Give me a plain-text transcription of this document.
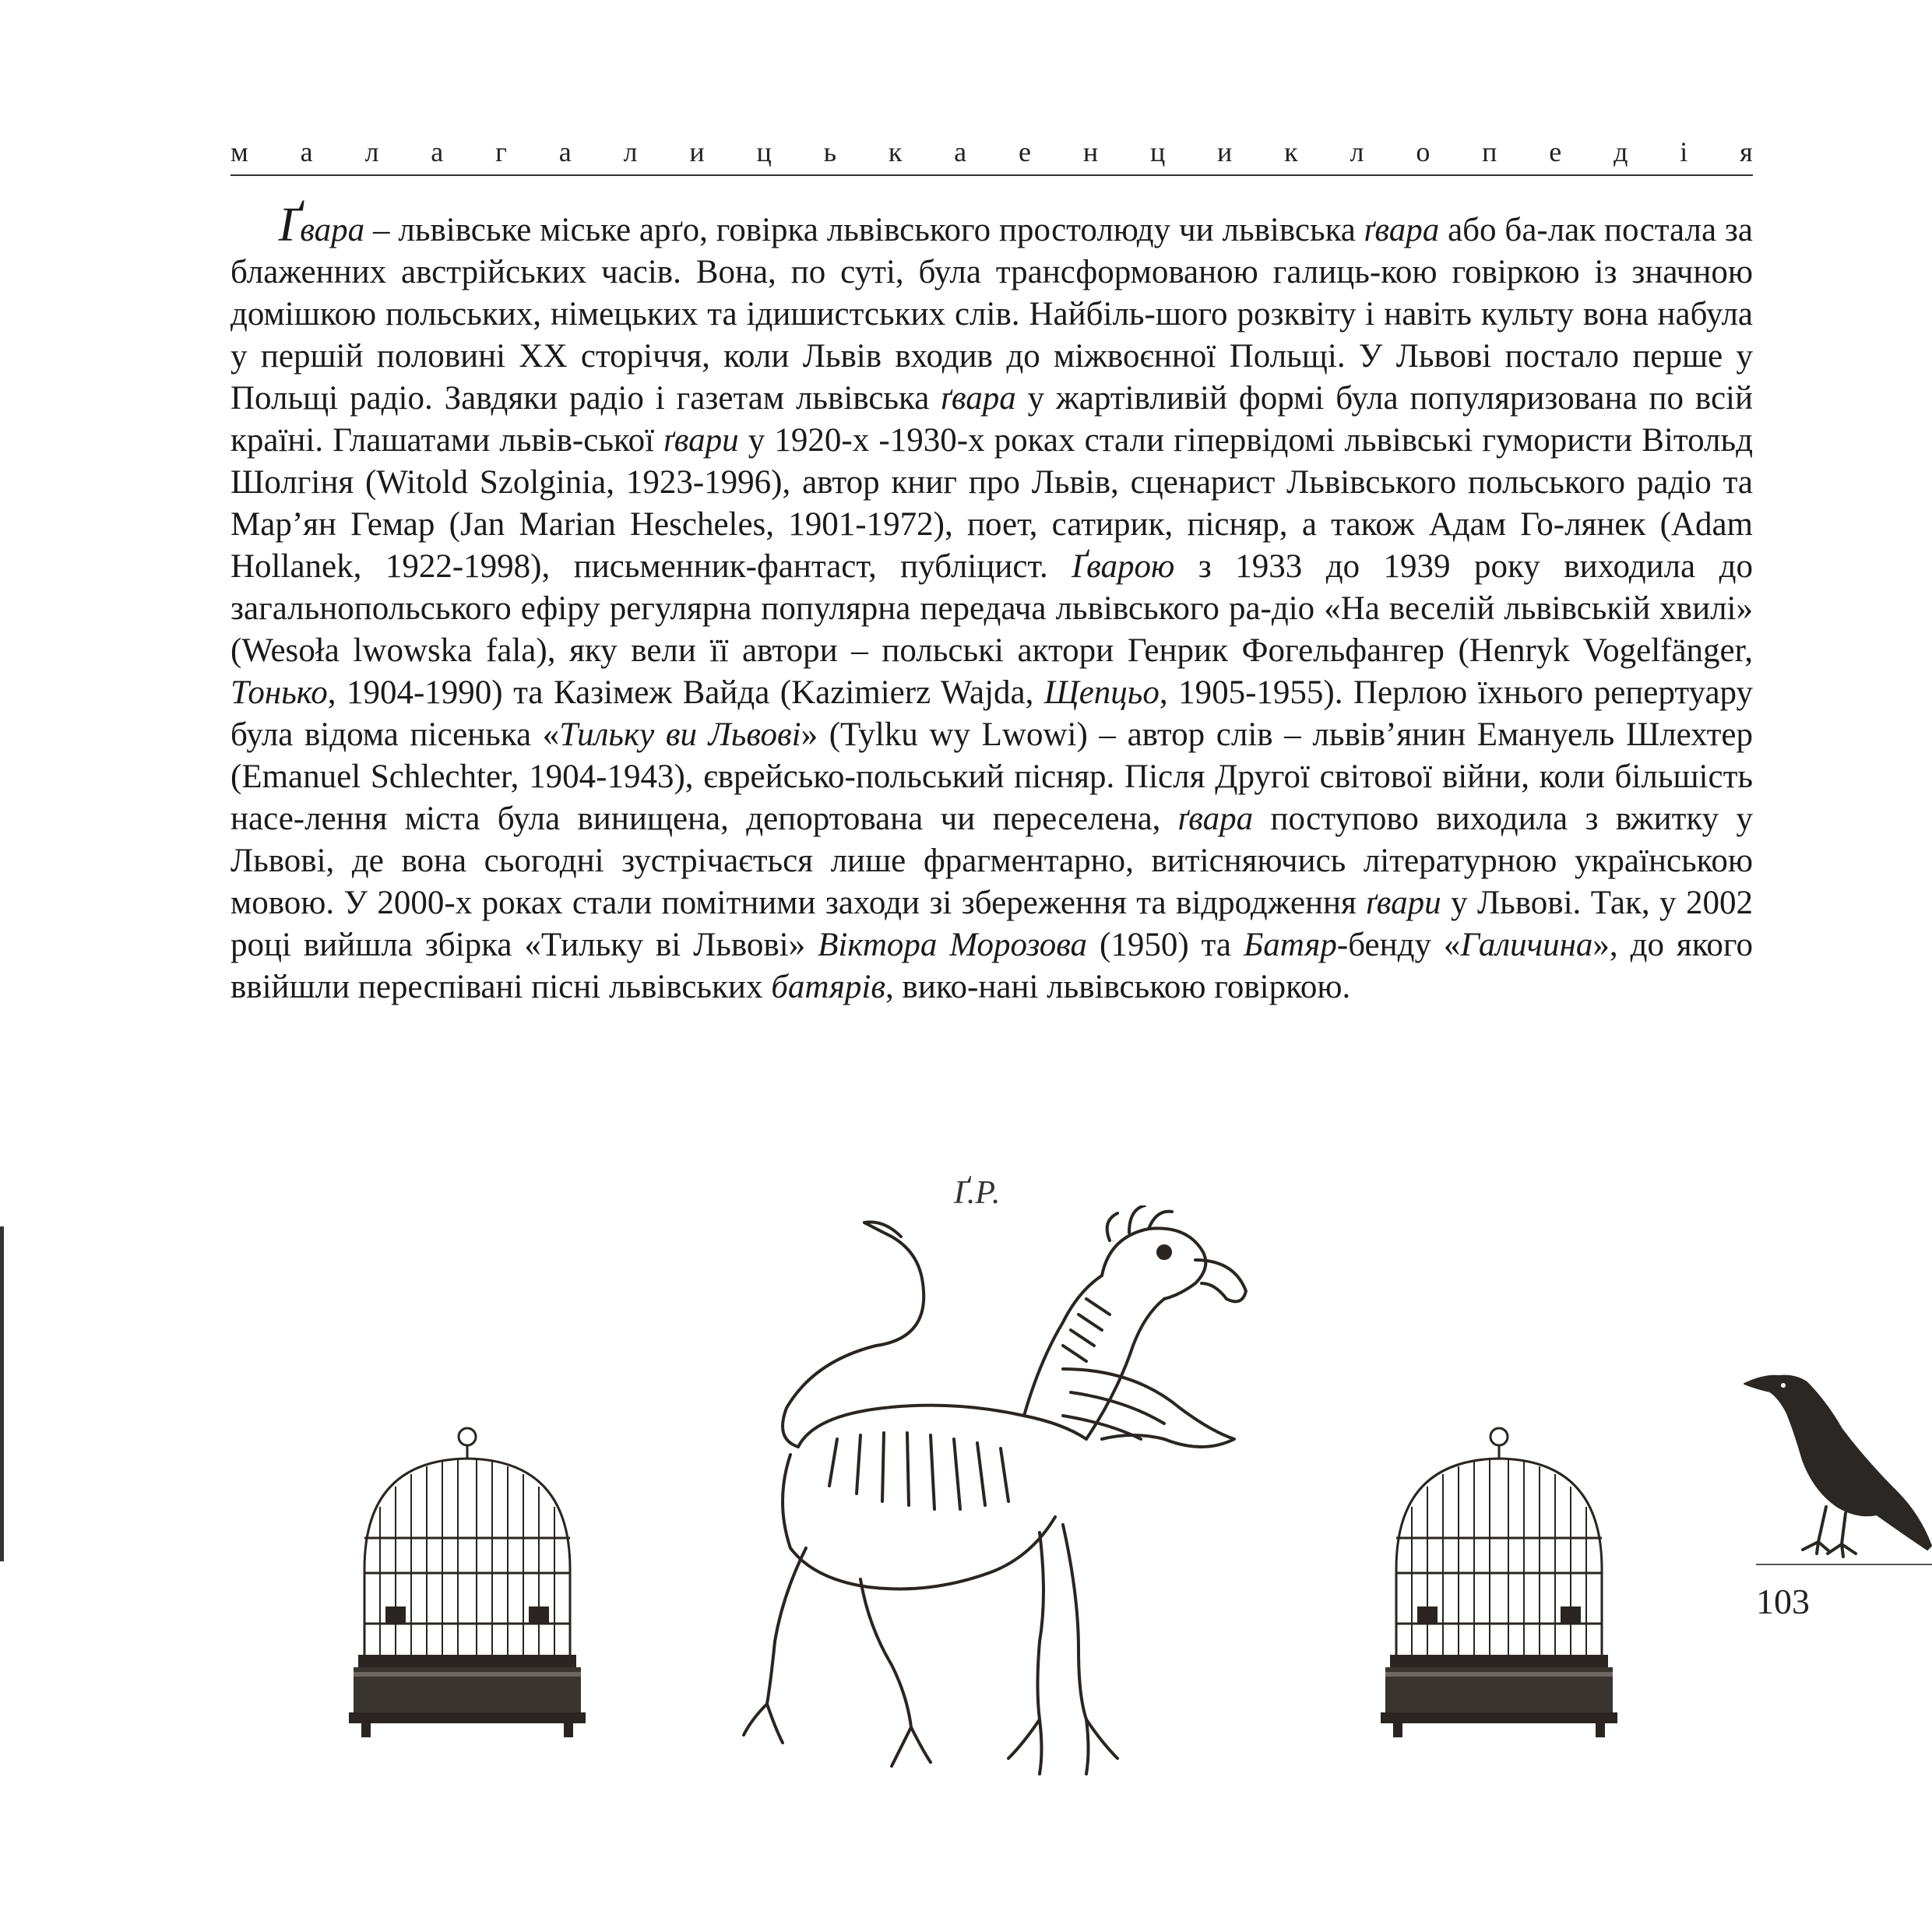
м а л а г а л и ц ь к а е н ц и к л о п е д і я

Ґвара – львівське міське арґо, говірка львівського простолюду чи львівська ґвара або ба-лак постала за блаженних австрійських часів. Вона, по суті, була трансформованою галиць-кою говіркою із значною домішкою польських, німецьких та ідишистських слів. Найбіль-шого розквіту і навіть культу вона набула у першій половині XX сторіччя, коли Львів входив до міжвоєнної Польщі. У Львові постало перше у Польщі радіо. Завдяки радіо і газетам львівська ґвара у жартівливій формі була популяризована по всій країні. Глашатами львів-ської ґвари у 1920-х -1930-х роках стали гіпервідомі львівські гумористи Вітольд Шолгіня (Witold Szolginia, 1923-1996), автор книг про Львів, сценарист Львівського польського радіо та Мар’ян Гемар (Jan Marian Hescheles, 1901-1972), поет, сатирик, пісняр, а також Адам Го-лянек (Adam Hollanek, 1922-1998), письменник-фантаст, публіцист. Ґварою з 1933 до 1939 року виходила до загальнопольського ефіру регулярна популярна передача львівського ра-діо «На веселій львівській хвилі» (Wesoła lwowska fala), яку вели її автори – польські актори Генрик Фогельфангер (Henryk Vogelfänger, Тонько, 1904-1990) та Казімеж Вайда (Kazimierz Wajda, Щепцьо, 1905-1955). Перлою їхнього репертуару була відома пісенька «Тильку ви Львові» (Tylku wy Lwowi) – автор слів – львів’янин Емануель Шлехтер (Emanuel Schlechter, 1904-1943), єврейсько-польський пісняр. Після Другої світової війни, коли більшість насе-лення міста була винищена, депортована чи переселена, ґвара поступово виходила з вжитку у Львові, де вона сьогодні зустрічається лише фрагментарно, витісняючись літературною українською мовою. У 2000-х роках стали помітними заходи зі збереження та відродження ґвари у Львові. Так, у 2002 році вийшла збірка «Тильку ві Львові» Віктора Морозова (1950) та Батяр-бенду «Галичина», до якого ввійшли переспівані пісні львівських батярів, вико-нані львівською говіркою.

Ґ.Р.
103
